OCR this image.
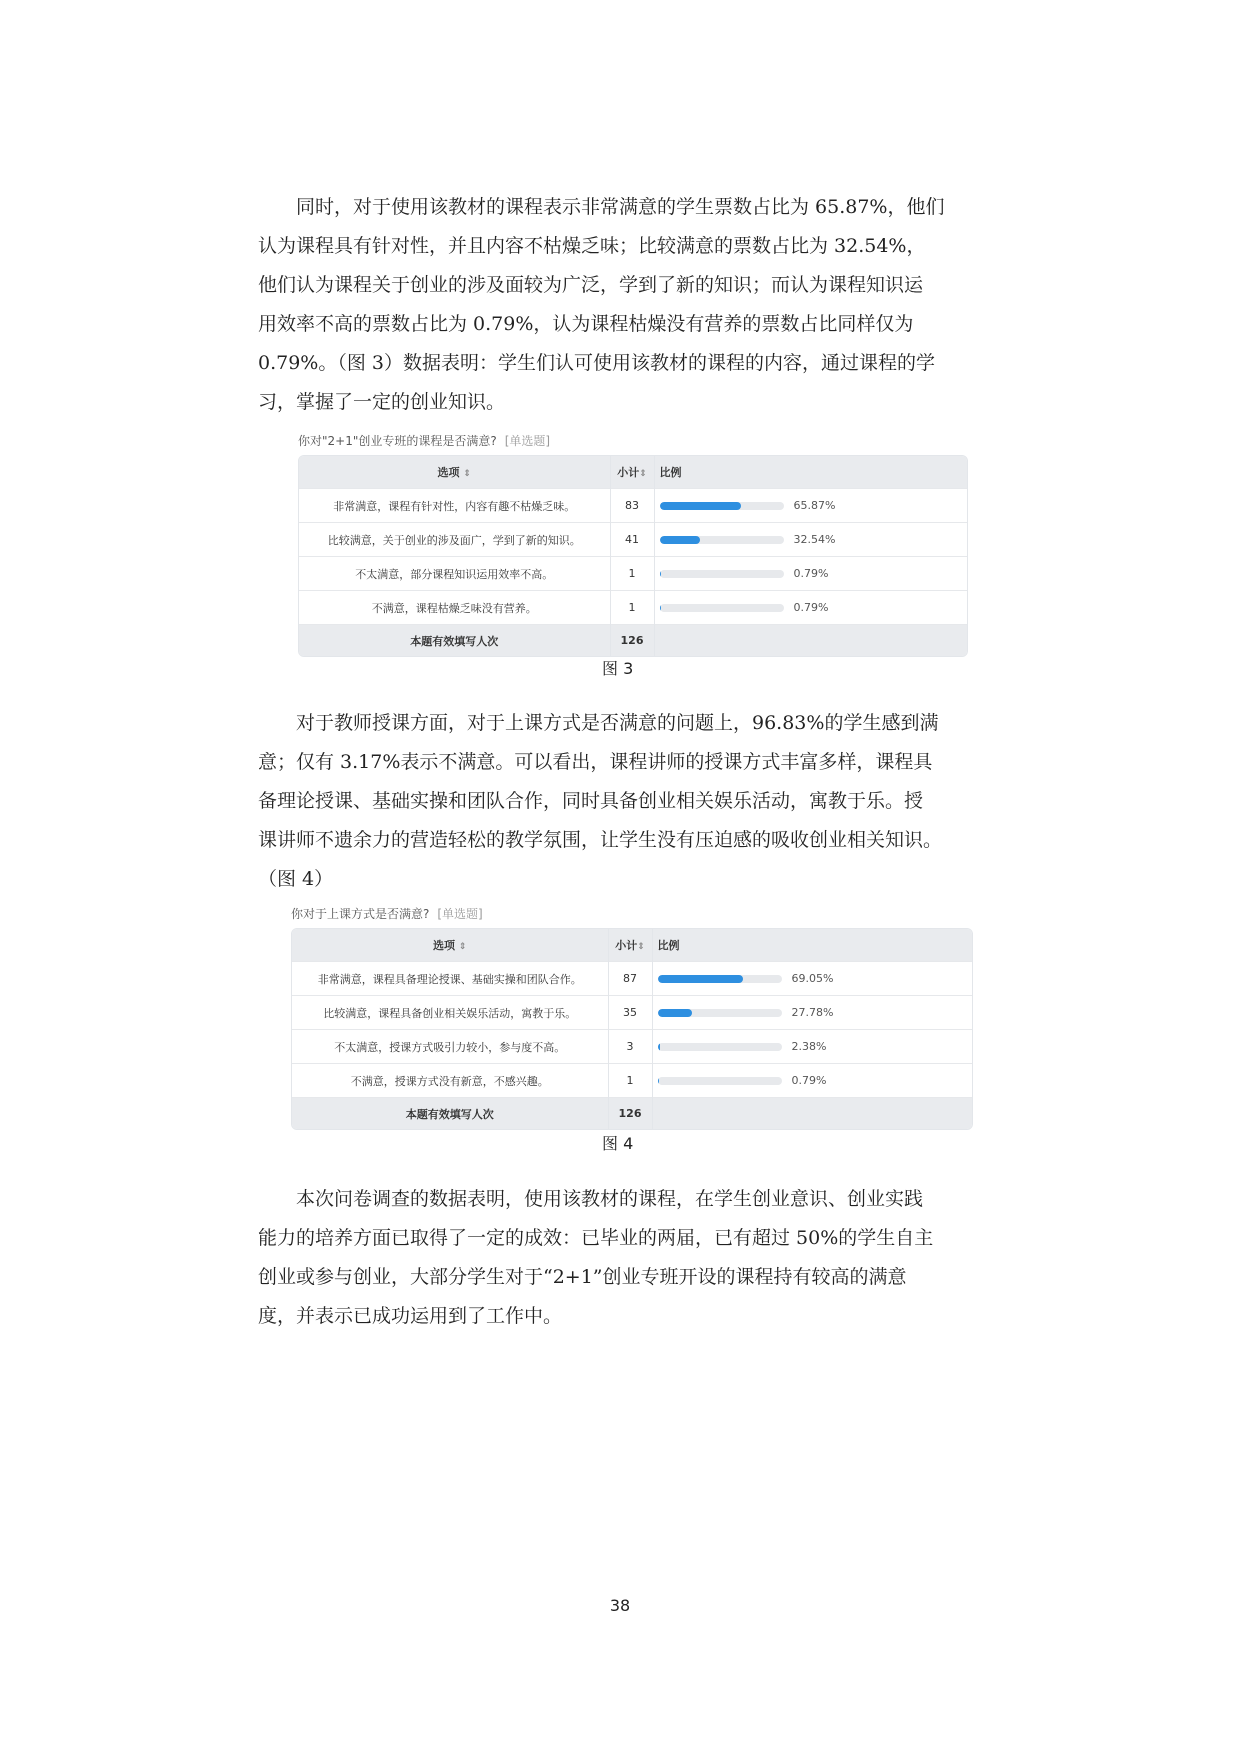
同时，对于使用该教材的课程表示非常满意的学生票数占比为 65.87%，他们
认为课程具有针对性，并且内容不枯燥乏味；比较满意的票数占比为 32.54%，
他们认为课程关于创业的涉及面较为广泛，学到了新的知识；而认为课程知识运
用效率不高的票数占比为 0.79%，认为课程枯燥没有营养的票数占比同样仅为
0.79%。（图 3）数据表明：学生们认可使用该教材的课程的内容，通过课程的学
习，掌握了一定的创业知识。
你对"2+1"创业专班的课程是否满意? [单选题]
选项 ⇕	小计⇕	比例
非常满意，课程有针对性，内容有趣不枯燥乏味。	83	65.87%
比较满意，关于创业的涉及面广，学到了新的知识。	41	32.54%
不太满意，部分课程知识运用效率不高。	1	0.79%
不满意，课程枯燥乏味没有营养。	1	0.79%
本题有效填写人次	126	
图 3
对于教师授课方面，对于上课方式是否满意的问题上，96.83%的学生感到满
意；仅有 3.17%表示不满意。可以看出，课程讲师的授课方式丰富多样，课程具
备理论授课、基础实操和团队合作，同时具备创业相关娱乐活动，寓教于乐。授
课讲师不遗余力的营造轻松的教学氛围，让学生没有压迫感的吸收创业相关知识。
（图 4）
你对于上课方式是否满意? [单选题]
选项 ⇕	小计⇕	比例
非常满意，课程具备理论授课、基础实操和团队合作。	87	69.05%
比较满意，课程具备创业相关娱乐活动，寓教于乐。	35	27.78%
不太满意，授课方式吸引力较小，参与度不高。	3	2.38%
不满意，授课方式没有新意，不感兴趣。	1	0.79%
本题有效填写人次	126	
图 4
本次问卷调查的数据表明，使用该教材的课程，在学生创业意识、创业实践
能力的培养方面已取得了一定的成效：已毕业的两届，已有超过 50%的学生自主
创业或参与创业，大部分学生对于“2+1”创业专班开设的课程持有较高的满意
度，并表示已成功运用到了工作中。
38
